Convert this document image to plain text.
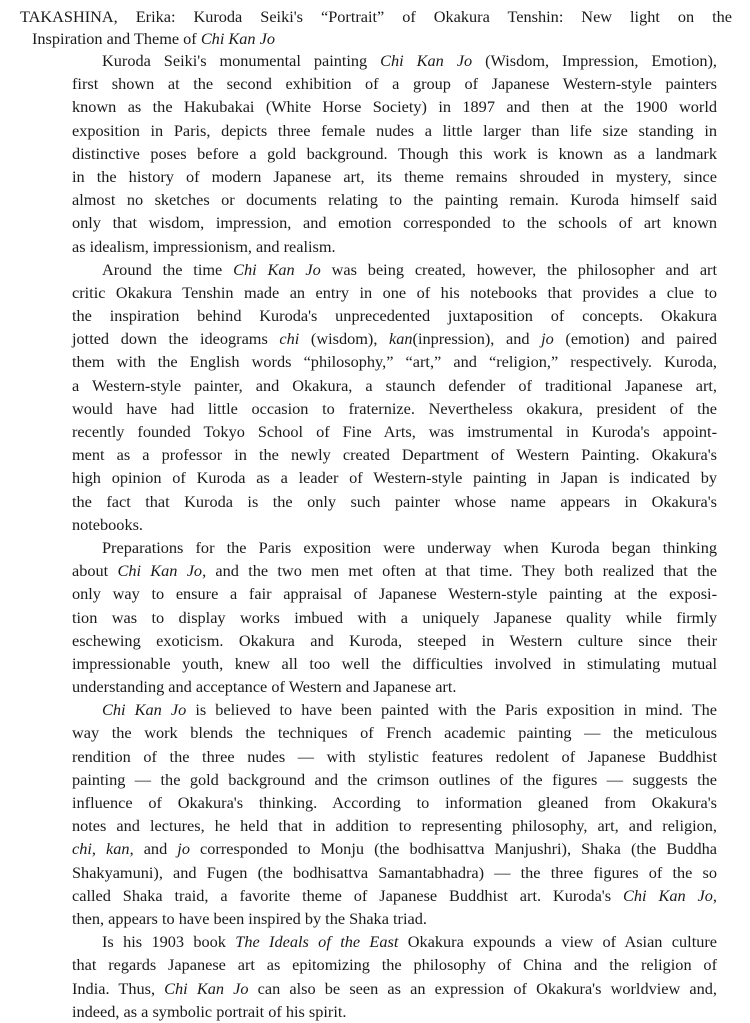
TAKASHINA, Erika: Kuroda Seiki's “Portrait” of Okakura Tenshin: New light on the
Inspiration and Theme of Chi Kan Jo
Kuroda Seiki's monumental painting Chi Kan Jo (Wisdom, Impression, Emotion),
first shown at the second exhibition of a group of Japanese Western-style painters
known as the Hakubakai (White Horse Society) in 1897 and then at the 1900 world
exposition in Paris, depicts three female nudes a little larger than life size standing in
distinctive poses before a gold background. Though this work is known as a landmark
in the history of modern Japanese art, its theme remains shrouded in mystery, since
almost no sketches or documents relating to the painting remain. Kuroda himself said
only that wisdom, impression, and emotion corresponded to the schools of art known
as idealism, impressionism, and realism.
Around the time Chi Kan Jo was being created, however, the philosopher and art
critic Okakura Tenshin made an entry in one of his notebooks that provides a clue to
the inspiration behind Kuroda's unprecedented juxtaposition of concepts. Okakura
jotted down the ideograms chi (wisdom), kan(inpression), and jo (emotion) and paired
them with the English words “philosophy,” “art,” and “religion,” respectively. Kuroda,
a Western-style painter, and Okakura, a staunch defender of traditional Japanese art,
would have had little occasion to fraternize. Nevertheless okakura, president of the
recently founded Tokyo School of Fine Arts, was imstrumental in Kuroda's appoint-
ment as a professor in the newly created Department of Western Painting. Okakura's
high opinion of Kuroda as a leader of Western-style painting in Japan is indicated by
the fact that Kuroda is the only such painter whose name appears in Okakura's
notebooks.
Preparations for the Paris exposition were underway when Kuroda began thinking
about Chi Kan Jo, and the two men met often at that time. They both realized that the
only way to ensure a fair appraisal of Japanese Western-style painting at the exposi-
tion was to display works imbued with a uniquely Japanese quality while firmly
eschewing exoticism. Okakura and Kuroda, steeped in Western culture since their
impressionable youth, knew all too well the difficulties involved in stimulating mutual
understanding and acceptance of Western and Japanese art.
Chi Kan Jo is believed to have been painted with the Paris exposition in mind. The
way the work blends the techniques of French academic painting — the meticulous
rendition of the three nudes — with stylistic features redolent of Japanese Buddhist
painting — the gold background and the crimson outlines of the figures — suggests the
influence of Okakura's thinking. According to information gleaned from Okakura's
notes and lectures, he held that in addition to representing philosophy, art, and religion,
chi, kan, and jo corresponded to Monju (the bodhisattva Manjushri), Shaka (the Buddha
Shakyamuni), and Fugen (the bodhisattva Samantabhadra) — the three figures of the so
called Shaka traid, a favorite theme of Japanese Buddhist art. Kuroda's Chi Kan Jo,
then, appears to have been inspired by the Shaka triad.
Is his 1903 book The Ideals of the East Okakura expounds a view of Asian culture
that regards Japanese art as epitomizing the philosophy of China and the religion of
India. Thus, Chi Kan Jo can also be seen as an expression of Okakura's worldview and,
indeed, as a symbolic portrait of his spirit.
